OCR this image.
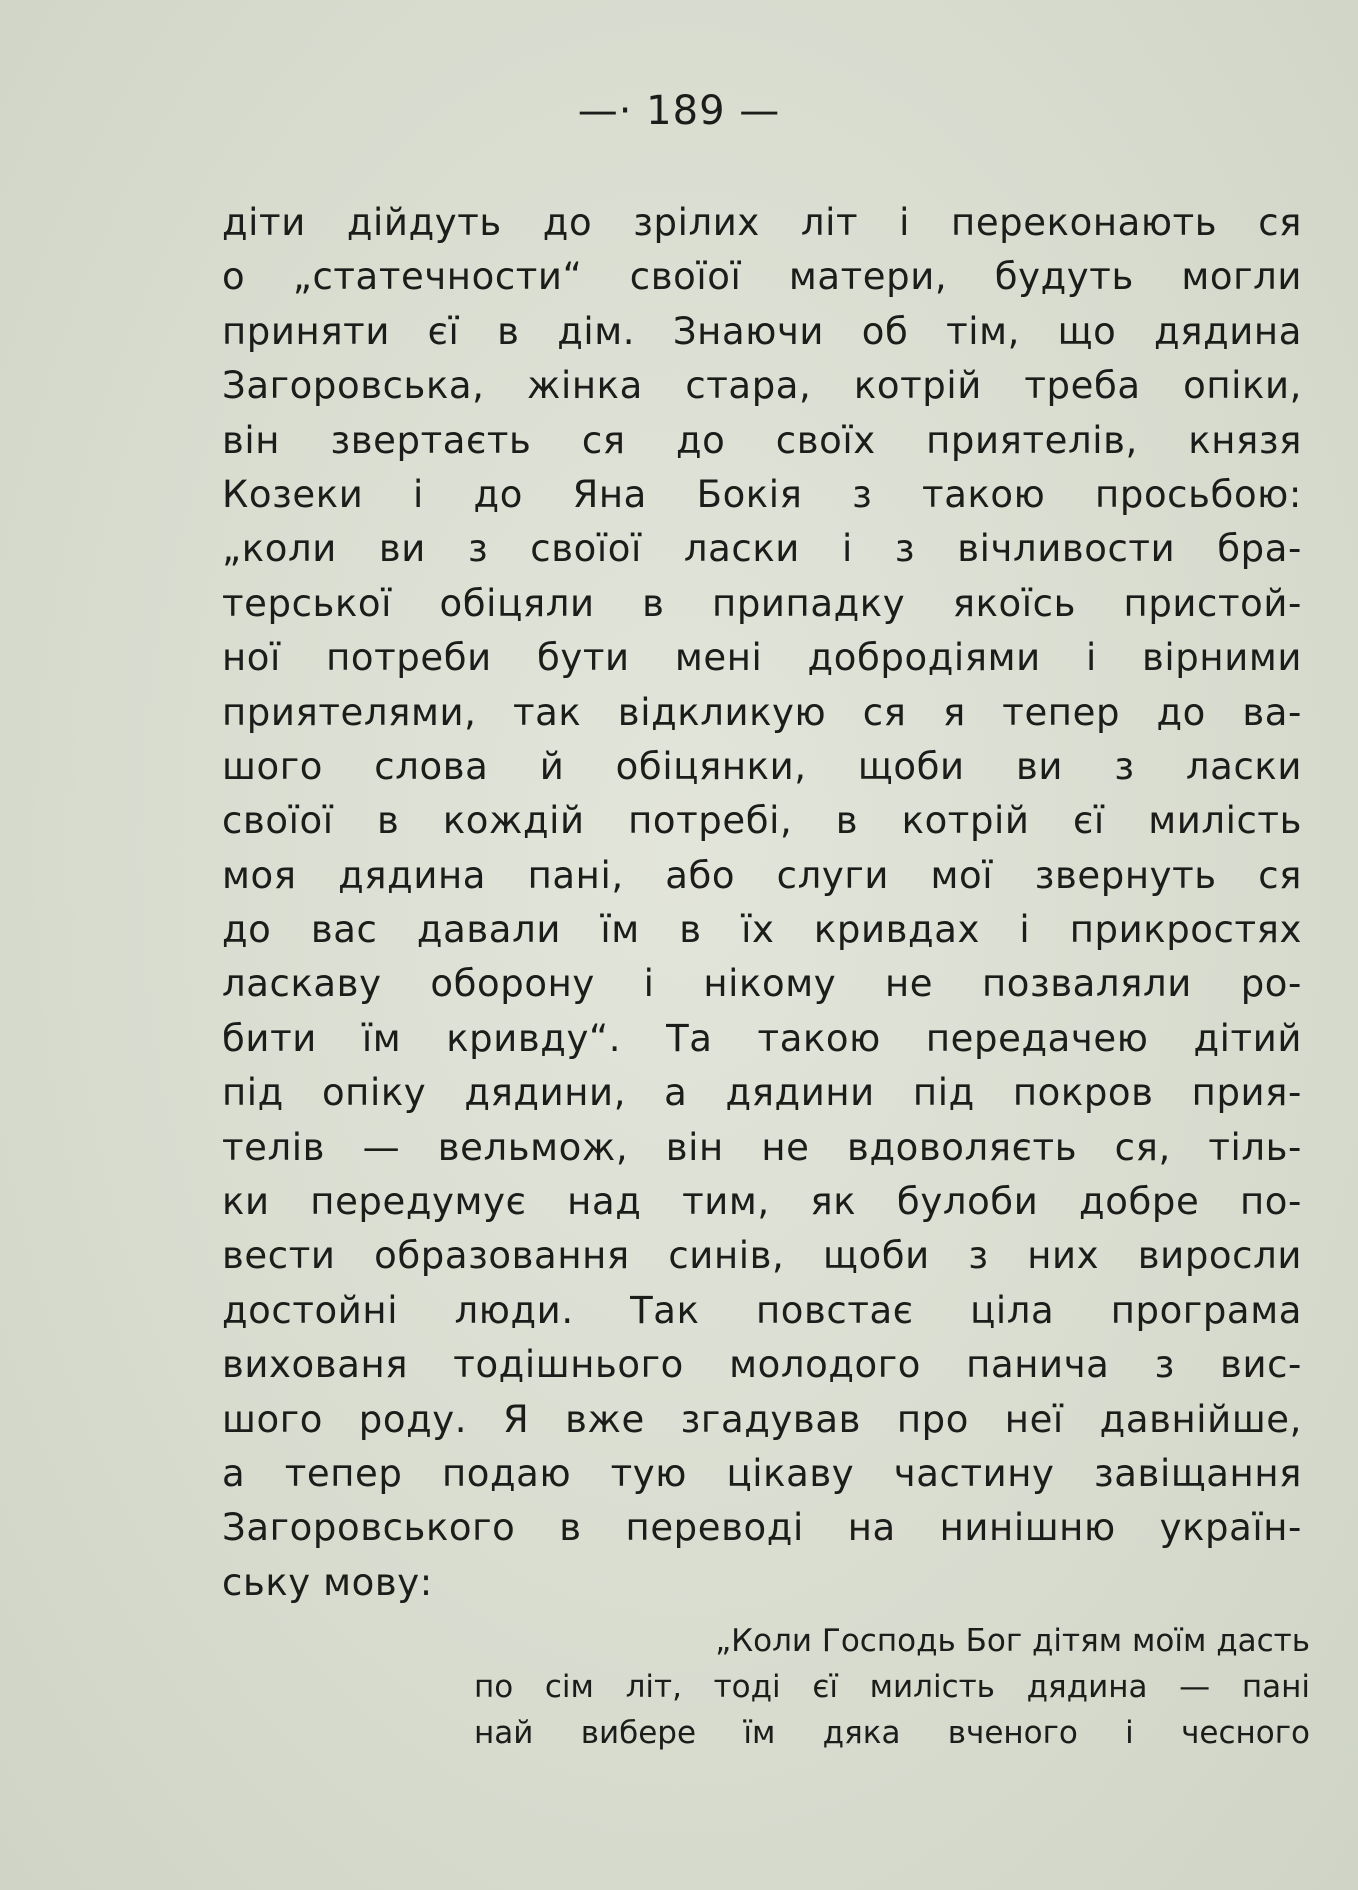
—· 189 —
діти дійдуть до зрілих літ і переконають ся
о „статечности“ своїої матери, будуть могли
приняти єї в дім. Знаючи об тім, що дядина
Загоровська, жінка стара, котрій треба опіки,
він звертаєть ся до своїх приятелів, князя
Козеки і до Яна Бокія з такою просьбою:
„коли ви з своїої ласки і з вічливости бра-
терської обіцяли в припадку якоїсь пристой-
ної потреби бути мені добродіями і вірними
приятелями, так відкликую ся я тепер до ва-
шого слова й обіцянки, щоби ви з ласки
своїої в кождій потребі, в котрій єї милість
моя дядина пані, або слуги мої звернуть ся
до вас давали їм в їх кривдах і прикростях
ласкаву оборону і нікому не позваляли ро-
бити їм кривду“. Та такою передачею дітий
під опіку дядини, а дядини під покров прия-
телів — вельмож, він не вдоволяєть ся, тіль-
ки передумує над тим, як булоби добре по-
вести образовання синів, щоби з них виросли
достойні люди. Так повстає ціла програма
вихованя тодішнього молодого панича з вис-
шого роду. Я вже згадував про неї давнійше,
а тепер подаю тую цікаву частину завіщання
Загоровського в переводі на нинішню україн-
ську мову:
„Коли Господь Бог дітям моїм дасть
по сім літ, тоді єї милість дядина — пані
най вибере їм дяка вченого і чесного
